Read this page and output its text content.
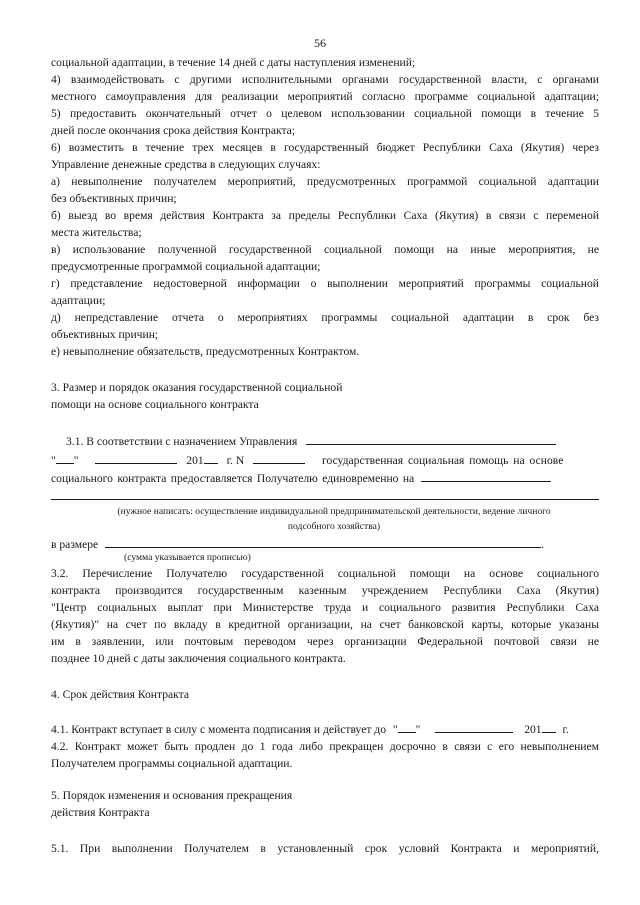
56
социальной адаптации, в течение 14 дней с даты наступления изменений;
4) взаимодействовать с другими исполнительными органами государственной власти, с органами
местного самоуправления для реализации мероприятий согласно программе социальной адаптации;
5) предоставить окончательный отчет о целевом использовании социальной помощи в течение 5
дней после окончания срока действия Контракта;
6) возместить в течение трех месяцев в государственный бюджет Республики Саха (Якутия) через
Управление денежные средства в следующих случаях:
а) невыполнение получателем мероприятий, предусмотренных программой социальной адаптации
без объективных причин;
б) выезд во время действия Контракта за пределы Республики Саха (Якутия) в связи с переменой
места жительства;
в) использование полученной государственной социальной помощи на иные мероприятия, не
предусмотренные программой социальной адаптации;
г) представление недостоверной информации о выполнении мероприятий программы социальной
адаптации;
д) непредставление отчета о мероприятиях программы социальной адаптации в срок без
объективных причин;
е) невыполнение обязательств, предусмотренных Контрактом.
3. Размер и порядок оказания государственной социальной
помощи на основе социального контракта
3.1. В соответствии с назначением Управления
" "	201 г. N	государственная социальная помощь на основе
социального контракта предоставляется Получателю единовременно на
(нужное написать: осуществление индивидуальной предпринимательской деятельности, ведение личного
подсобного хозяйства)
в размере	.
(сумма указывается прописью)
3.2. Перечисление Получателю государственной социальной помощи на основе социального
контракта производится государственным казенным учреждением Республики Саха (Якутия)
"Центр социальных выплат при Министерстве труда и социального развития Республики Саха
(Якутия)" на счет по вкладу в кредитной организации, на счет банковской карты, которые указаны
им в заявлении, или почтовым переводом через организации Федеральной почтовой связи не
позднее 10 дней с даты заключения социального контракта.
4. Срок действия Контракта
4.1. Контракт вступает в силу с момента подписания и действует до " "	201 г.
4.2. Контракт может быть продлен до 1 года либо прекращен досрочно в связи с его невыполнением
Получателем программы социальной адаптации.
5. Порядок изменения и основания прекращения
действия Контракта
5.1. При выполнении Получателем в установленный срок условий Контракта и мероприятий,
